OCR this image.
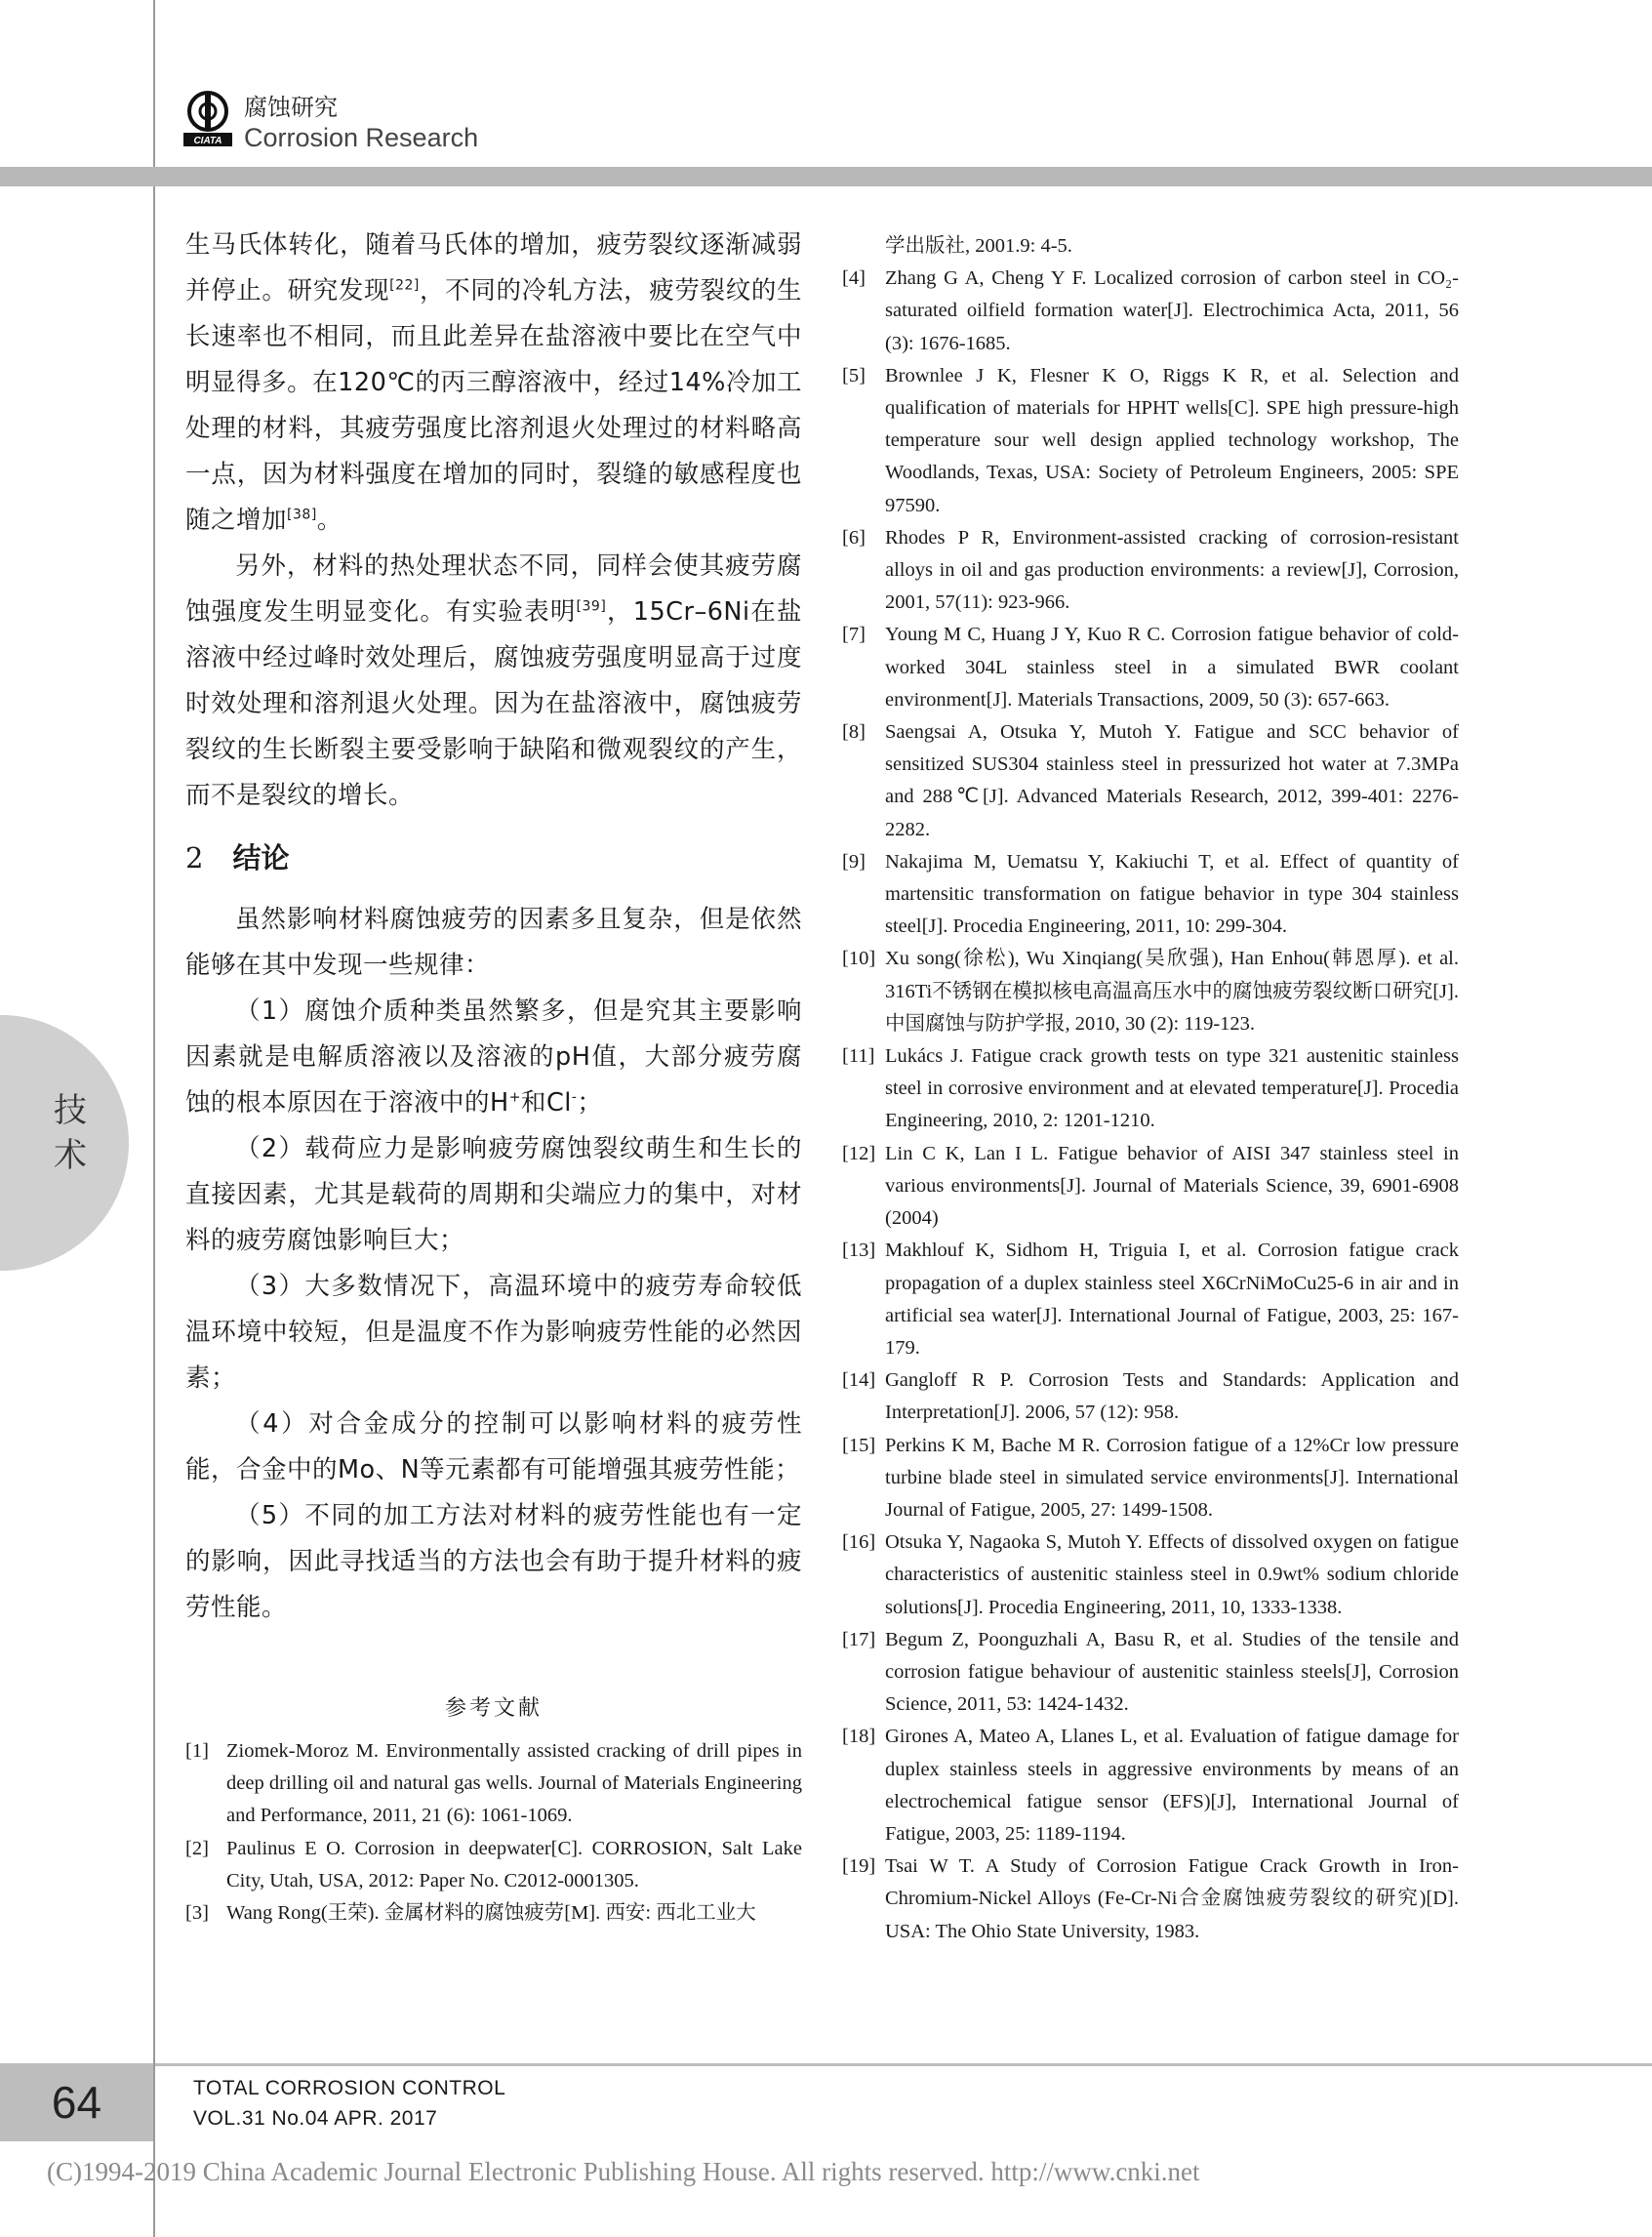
CIATA
腐蚀研究
Corrosion Research
技
术

生马氏体转化，随着马氏体的增加，疲劳裂纹逐渐减弱并停止。研究发现[22]，不同的冷轧方法，疲劳裂纹的生长速率也不相同，而且此差异在盐溶液中要比在空气中明显得多。在120℃的丙三醇溶液中，经过14%冷加工处理的材料，其疲劳强度比溶剂退火处理过的材料略高一点，因为材料强度在增加的同时，裂缝的敏感程度也随之增加[38]。

另外，材料的热处理状态不同，同样会使其疲劳腐蚀强度发生明显变化。有实验表明[39]，15Cr–6Ni在盐溶液中经过峰时效处理后，腐蚀疲劳强度明显高于过度时效处理和溶剂退火处理。因为在盐溶液中，腐蚀疲劳裂纹的生长断裂主要受影响于缺陷和微观裂纹的产生，而不是裂纹的增长。

2 结论

虽然影响材料腐蚀疲劳的因素多且复杂，但是依然能够在其中发现一些规律：

（1）腐蚀介质种类虽然繁多，但是究其主要影响因素就是电解质溶液以及溶液的pH值，大部分疲劳腐蚀的根本原因在于溶液中的H+和Cl-；

（2）载荷应力是影响疲劳腐蚀裂纹萌生和生长的直接因素，尤其是载荷的周期和尖端应力的集中，对材料的疲劳腐蚀影响巨大；

（3）大多数情况下，高温环境中的疲劳寿命较低温环境中较短，但是温度不作为影响疲劳性能的必然因素；

（4）对合金成分的控制可以影响材料的疲劳性能，合金中的Mo、N等元素都有可能增强其疲劳性能；

（5）不同的加工方法对材料的疲劳性能也有一定的影响，因此寻找适当的方法也会有助于提升材料的疲劳性能。

参考文献
[1] Ziomek-Moroz M. Environmentally assisted cracking of drill pipes in deep drilling oil and natural gas wells. Journal of Materials Engineering and Performance, 2011, 21 (6): 1061-1069.
[2] Paulinus E O. Corrosion in deepwater[C]. CORROSION, Salt Lake City, Utah, USA, 2012: Paper No. C2012-0001305.
[3] Wang Rong(王荣). 金属材料的腐蚀疲劳[M]. 西安: 西北工业大
学出版社, 2001.9: 4-5.
[4] Zhang G A, Cheng Y F. Localized corrosion of carbon steel in CO₂-saturated oilfield formation water[J]. Electrochimica Acta, 2011, 56 (3): 1676-1685.
[5] Brownlee J K, Flesner K O, Riggs K R, et al. Selection and qualification of materials for HPHT wells[C]. SPE high pressure-high temperature sour well design applied technology workshop, The Woodlands, Texas, USA: Society of Petroleum Engineers, 2005: SPE 97590.
[6] Rhodes P R, Environment-assisted cracking of corrosion-resistant alloys in oil and gas production environments: a review[J], Corrosion, 2001, 57(11): 923-966.
[7] Young M C, Huang J Y, Kuo R C. Corrosion fatigue behavior of cold-worked 304L stainless steel in a simulated BWR coolant environment[J]. Materials Transactions, 2009, 50 (3): 657-663.
[8] Saengsai A, Otsuka Y, Mutoh Y. Fatigue and SCC behavior of sensitized SUS304 stainless steel in pressurized hot water at 7.3MPa and 288℃[J]. Advanced Materials Research, 2012, 399-401: 2276-2282.
[9] Nakajima M, Uematsu Y, Kakiuchi T, et al. Effect of quantity of martensitic transformation on fatigue behavior in type 304 stainless steel[J]. Procedia Engineering, 2011, 10: 299-304.
[10] Xu song(徐松), Wu Xinqiang(吴欣强), Han Enhou(韩恩厚). et al. 316Ti不锈钢在模拟核电高温高压水中的腐蚀疲劳裂纹断口研究[J]. 中国腐蚀与防护学报, 2010, 30 (2): 119-123.
[11] Lukács J. Fatigue crack growth tests on type 321 austenitic stainless steel in corrosive environment and at elevated temperature[J]. Procedia Engineering, 2010, 2: 1201-1210.
[12] Lin C K, Lan I L. Fatigue behavior of AISI 347 stainless steel in various environments[J]. Journal of Materials Science, 39, 6901-6908 (2004)
[13] Makhlouf K, Sidhom H, Triguia I, et al. Corrosion fatigue crack propagation of a duplex stainless steel X6CrNiMoCu25-6 in air and in artificial sea water[J]. International Journal of Fatigue, 2003, 25: 167-179.
[14] Gangloff R P. Corrosion Tests and Standards: Application and Interpretation[J]. 2006, 57 (12): 958.
[15] Perkins K M, Bache M R. Corrosion fatigue of a 12%Cr low pressure turbine blade steel in simulated service environments[J]. International Journal of Fatigue, 2005, 27: 1499-1508.
[16] Otsuka Y, Nagaoka S, Mutoh Y. Effects of dissolved oxygen on fatigue characteristics of austenitic stainless steel in 0.9wt% sodium chloride solutions[J]. Procedia Engineering, 2011, 10, 1333-1338.
[17] Begum Z, Poonguzhali A, Basu R, et al. Studies of the tensile and corrosion fatigue behaviour of austenitic stainless steels[J], Corrosion Science, 2011, 53: 1424-1432.
[18] Girones A, Mateo A, Llanes L, et al. Evaluation of fatigue damage for duplex stainless steels in aggressive environments by means of an electrochemical fatigue sensor (EFS)[J], International Journal of Fatigue, 2003, 25: 1189-1194.
[19] Tsai W T. A Study of Corrosion Fatigue Crack Growth in Iron-Chromium-Nickel Alloys (Fe-Cr-Ni合金腐蚀疲劳裂纹的研究)[D]. USA: The Ohio State University, 1983.
64	TOTAL CORROSION CONTROL
VOL.31 No.04 APR. 2017
(C)1994-2019 China Academic Journal Electronic Publishing House. All rights reserved. http://www.cnki.net
